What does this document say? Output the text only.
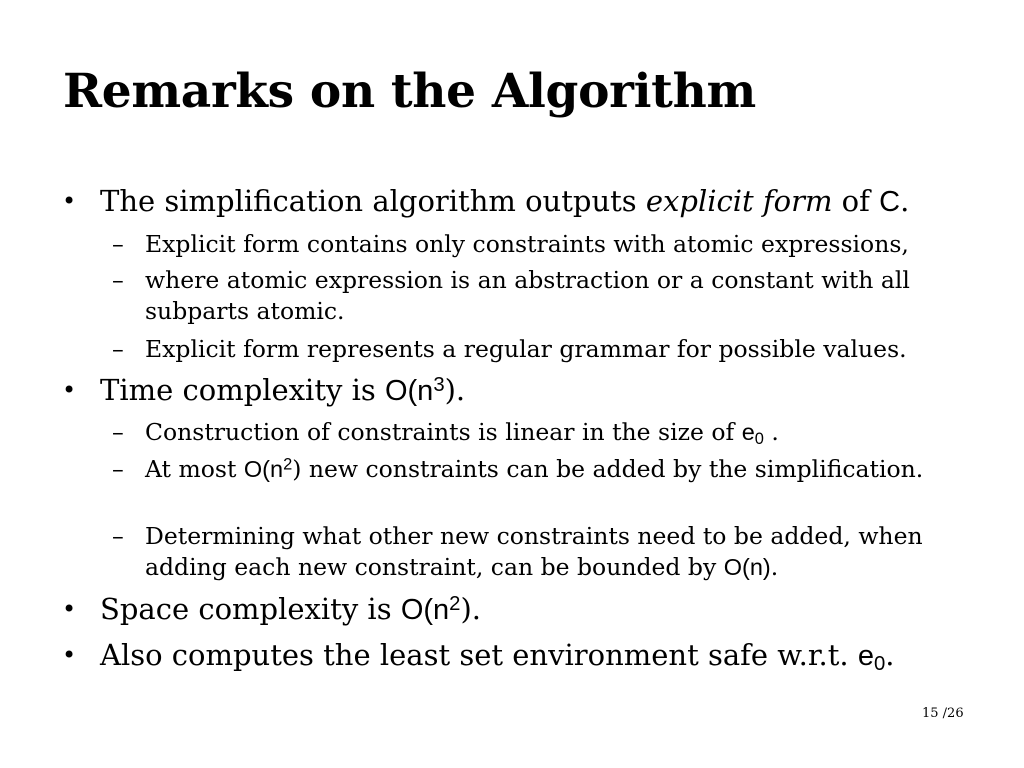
Remarks on the Algorithm
• The simplification algorithm outputs explicit form of C.
– Explicit form contains only constraints with atomic expressions,
– where atomic expression is an abstraction or a constant with all subparts atomic.
– Explicit form represents a regular grammar for possible values.
• Time complexity is $O(n^3)$.
– Construction of constraints is linear in the size of $e_0$ .
– At most $O(n^2)$ new constraints can be added by the simplification.
– Determining what other new constraints need to be added, when adding each new constraint, can be bounded by O(n).
• Space complexity is $O(n^2)$.
• Also computes the least set environment safe w.r.t. $e_0$.
15 /26
